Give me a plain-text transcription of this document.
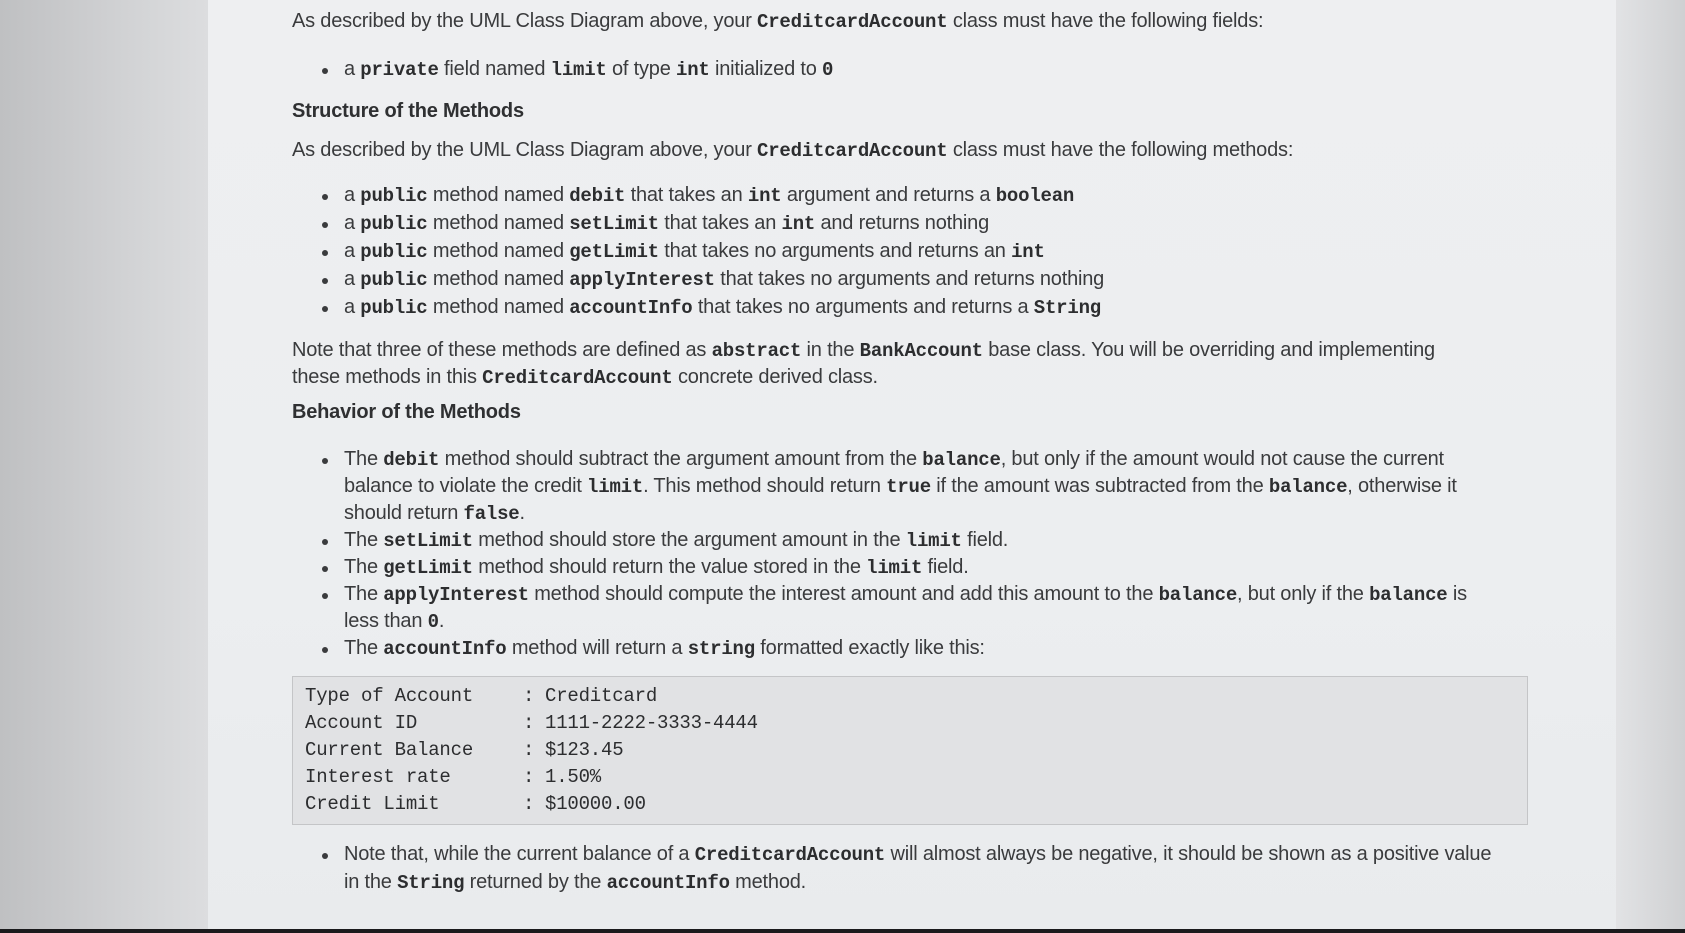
As described by the UML Class Diagram above, your CreditcardAccount class must have the following fields:

a private field named limit of type int initialized to 0
Structure of the Methods

As described by the UML Class Diagram above, your CreditcardAccount class must have the following methods:

a public method named debit that takes an int argument and returns a boolean
a public method named setLimit that takes an int and returns nothing
a public method named getLimit that takes no arguments and returns an int
a public method named applyInterest that takes no arguments and returns nothing
a public method named accountInfo that takes no arguments and returns a String

Note that three of these methods are defined as abstract in the BankAccount base class. You will be overriding and implementing these methods in this CreditcardAccount concrete derived class.

Behavior of the Methods
The debit method should subtract the argument amount from the balance, but only if the amount would not cause the current balance to violate the credit limit. This method should return true if the amount was subtracted from the balance, otherwise it should return false.
The setLimit method should store the argument amount in the limit field.
The getLimit method should return the value stored in the limit field.
The applyInterest method should compute the interest amount and add this amount to the balance, but only if the balance is less than 0.
The accountInfo method will return a string formatted exactly like this:
Type of Account	: Creditcard
Account ID	: 1111-2222-3333-4444
Current Balance	: $123.45
Interest rate	: 1.50%
Credit Limit	: $10000.00
Note that, while the current balance of a CreditcardAccount will almost always be negative, it should be shown as a positive value in the String returned by the accountInfo method.
